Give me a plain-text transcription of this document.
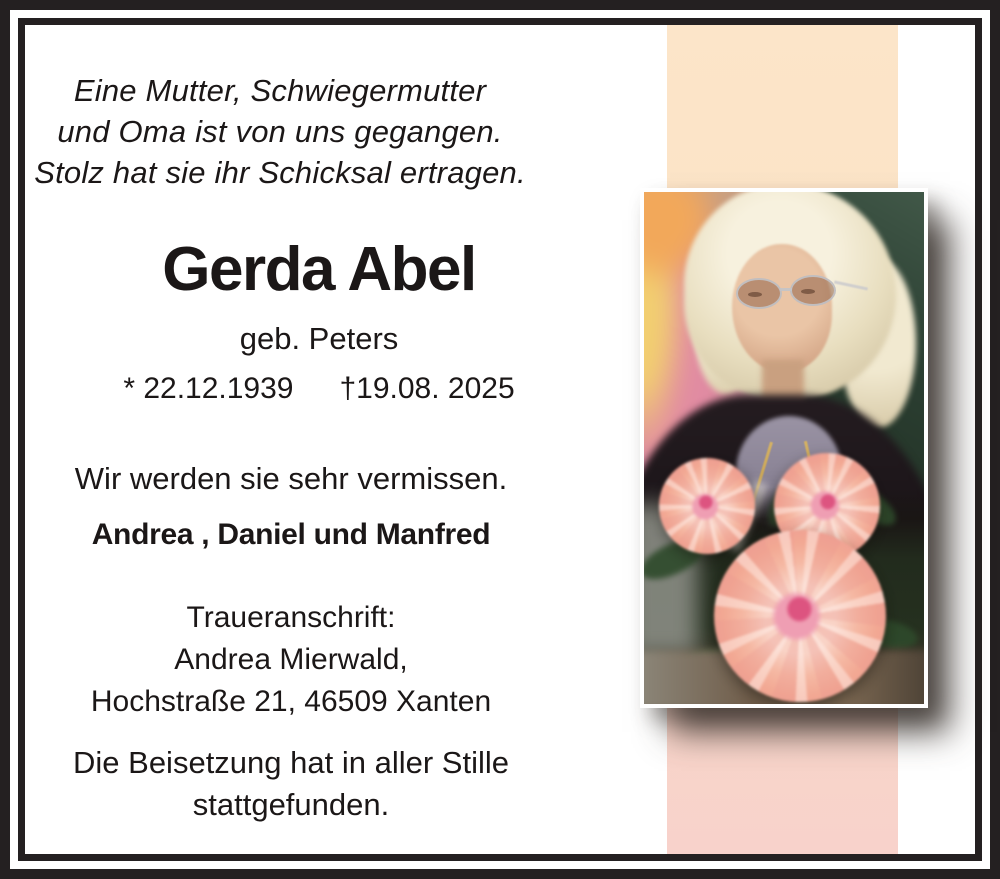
Eine Mutter, Schwiegermutter
und Oma ist von uns gegangen.
Stolz hat sie ihr Schicksal ertragen.
Gerda Abel
geb. Peters
* 22.12.1939 †19.08. 2025
Wir werden sie sehr vermissen.
Andrea , Daniel und Manfred
Traueranschrift:
Andrea Mierwald,
Hochstraße 21, 46509 Xanten
Die Beisetzung hat in aller Stille
stattgefunden.
